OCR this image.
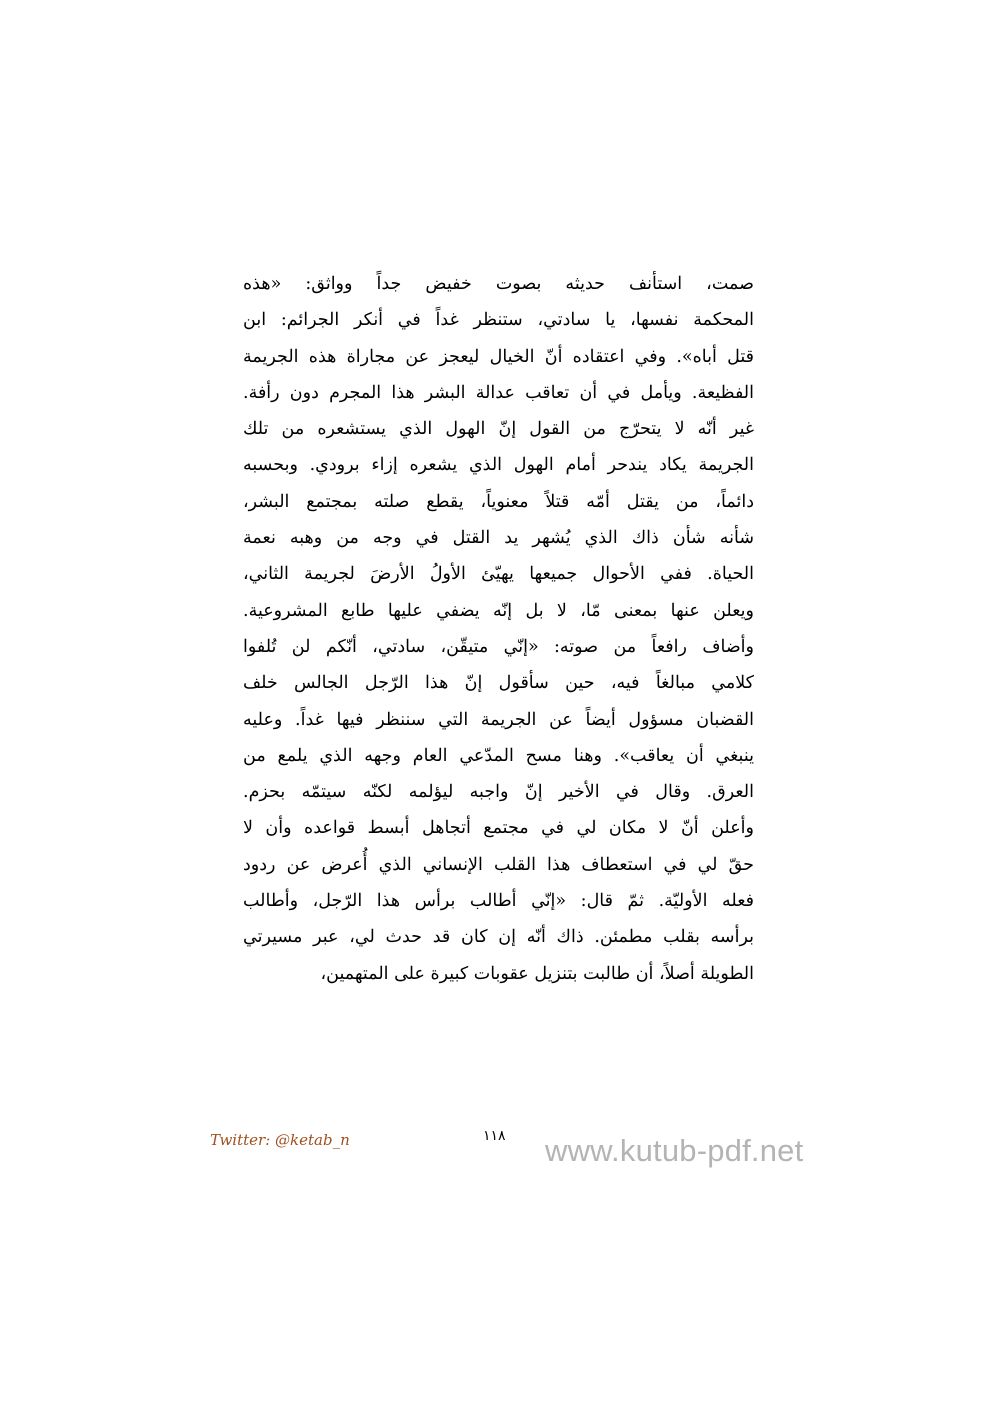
صمت، استأنف حديثه بصوت خفيض جداً وواثق: «هذه
المحكمة نفسها، يا سادتي، ستنظر غداً في أنكر الجرائم: ابن
قتل أباه». وفي اعتقاده أنّ الخيال ليعجز عن مجاراة هذه الجريمة
الفظيعة. ويأمل في أن تعاقب عدالة البشر هذا المجرم دون رأفة.
غير أنّه لا يتحرّج من القول إنّ الهول الذي يستشعره من تلك
الجريمة يكاد يندحر أمام الهول الذي يشعره إزاء برودي. وبحسبه
دائماً، من يقتل أمّه قتلاً معنوياً، يقطع صلته بمجتمع البشر،
شأنه شأن ذاك الذي يُشهر يد القتل في وجه من وهبه نعمة
الحياة. ففي الأحوال جميعها يهيّئ الأولُ الأرضَ لجريمة الثاني،
ويعلن عنها بمعنى مّا، لا بل إنّه يضفي عليها طابع المشروعية.
وأضاف رافعاً من صوته: «إنّي متيقّن، سادتي، أنّكم لن تُلفوا
كلامي مبالغاً فيه، حين سأقول إنّ هذا الرّجل الجالس خلف
القضبان مسؤول أيضاً عن الجريمة التي سننظر فيها غداً. وعليه
ينبغي أن يعاقب». وهنا مسح المدّعي العام وجهه الذي يلمع من
العرق. وقال في الأخير إنّ واجبه ليؤلمه لكنّه سيتمّه بحزم.
وأعلن أنّ لا مكان لي في مجتمع أتجاهل أبسط قواعده وأن لا
حقّ لي في استعطاف هذا القلب الإنساني الذي أُعرض عن ردود
فعله الأوليّة. ثمّ قال: «إنّي أطالب برأس هذا الرّجل، وأطالب
برأسه بقلب مطمئن. ذاك أنّه إن كان قد حدث لي، عبر مسيرتي
الطويلة أصلاً، أن طالبت بتنزيل عقوبات كبيرة على المتهمين،
Twitter: @ketab_n	١١٨ www.kutub-pdf.net
